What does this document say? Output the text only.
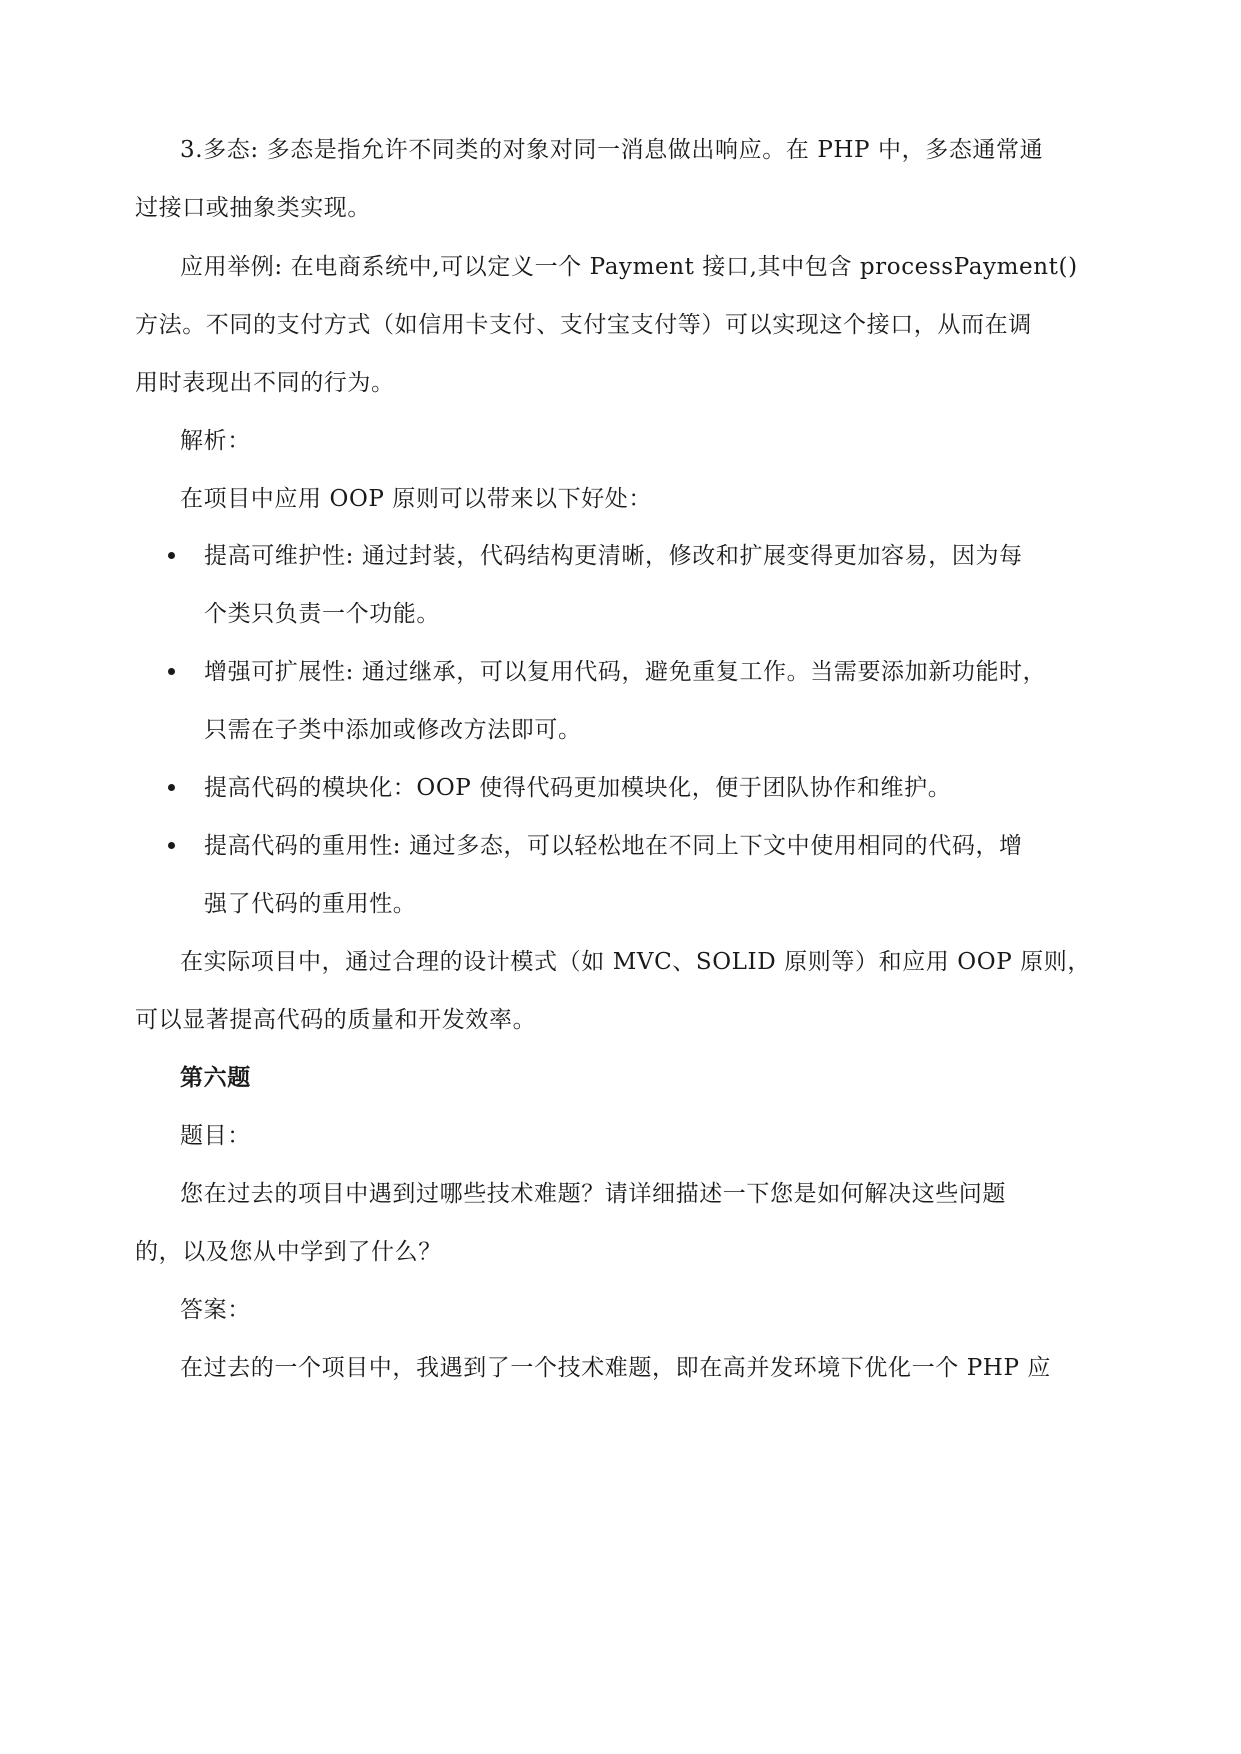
3.多态: 多态是指允许不同类的对象对同一消息做出响应。在 PHP 中，多态通常通
过接口或抽象类实现。
应用举例: 在电商系统中,可以定义一个 Payment 接口,其中包含 processPayment()
方法。不同的支付方式（如信用卡支付、支付宝支付等）可以实现这个接口，从而在调
用时表现出不同的行为。
解析：
在项目中应用 OOP 原则可以带来以下好处：
提高可维护性: 通过封装，代码结构更清晰，修改和扩展变得更加容易，因为每
个类只负责一个功能。
增强可扩展性: 通过继承，可以复用代码，避免重复工作。当需要添加新功能时，
只需在子类中添加或修改方法即可。
提高代码的模块化：OOP 使得代码更加模块化，便于团队协作和维护。
提高代码的重用性: 通过多态，可以轻松地在不同上下文中使用相同的代码，增
强了代码的重用性。
在实际项目中，通过合理的设计模式（如 MVC、SOLID 原则等）和应用 OOP 原则，
可以显著提高代码的质量和开发效率。
第六题
题目：
您在过去的项目中遇到过哪些技术难题？请详细描述一下您是如何解决这些问题
的，以及您从中学到了什么？
答案：
在过去的一个项目中，我遇到了一个技术难题，即在高并发环境下优化一个 PHP 应
